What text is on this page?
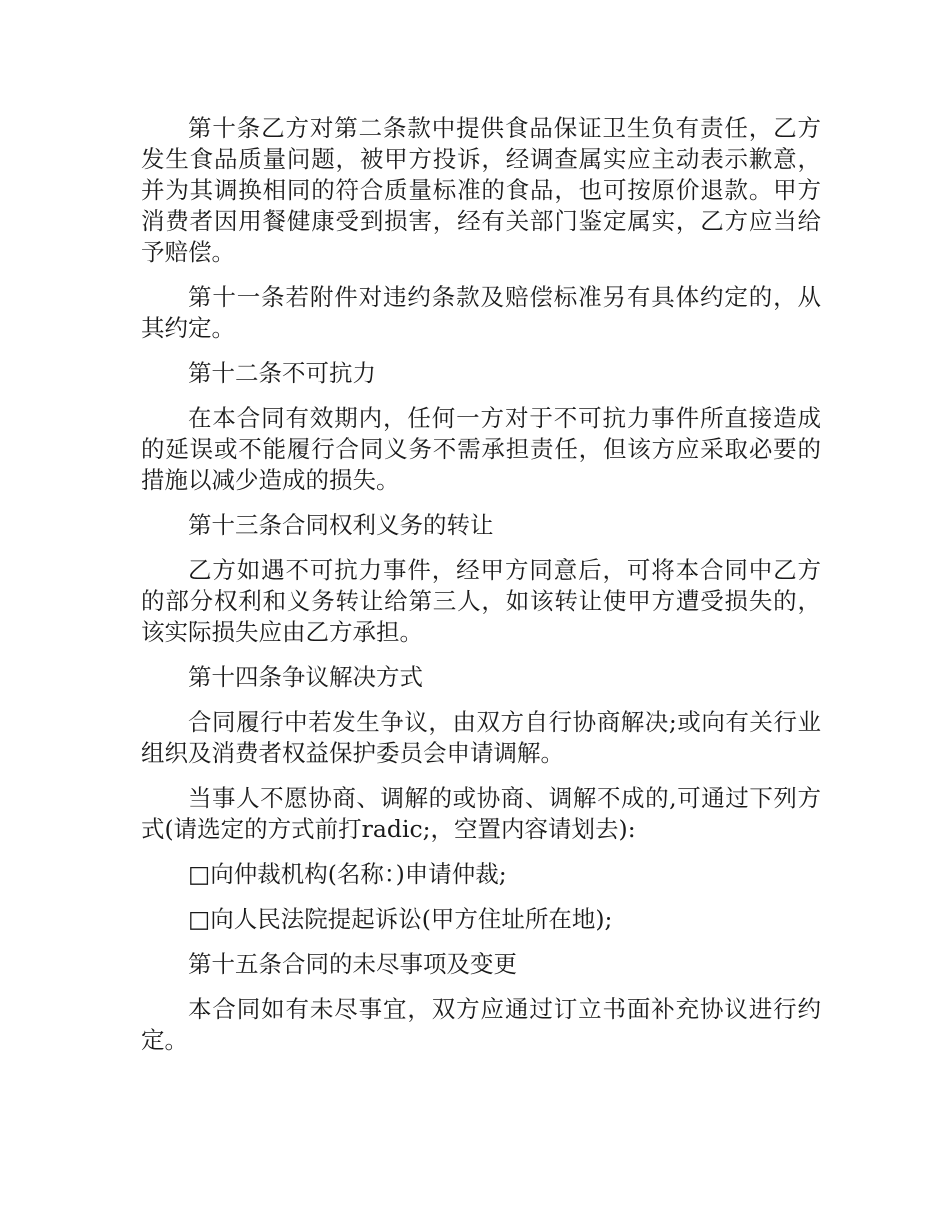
第十条乙方对第二条款中提供食品保证卫生负有责任，乙方发生食品质量问题，被甲方投诉，经调查属实应主动表示歉意，并为其调换相同的符合质量标准的食品，也可按原价退款。甲方消费者因用餐健康受到损害，经有关部门鉴定属实，乙方应当给予赔偿。

第十一条若附件对违约条款及赔偿标准另有具体约定的，从其约定。

第十二条不可抗力

在本合同有效期内，任何一方对于不可抗力事件所直接造成的延误或不能履行合同义务不需承担责任，但该方应采取必要的措施以减少造成的损失。

第十三条合同权利义务的转让

乙方如遇不可抗力事件，经甲方同意后，可将本合同中乙方的部分权利和义务转让给第三人，如该转让使甲方遭受损失的，该实际损失应由乙方承担。

第十四条争议解决方式

合同履行中若发生争议，由双方自行协商解决;或向有关行业组织及消费者权益保护委员会申请调解。

当事人不愿协商、调解的或协商、调解不成的,可通过下列方式(请选定的方式前打radic;，空置内容请划去):

□向仲裁机构(名称：)申请仲裁;

□向人民法院提起诉讼(甲方住址所在地);

第十五条合同的未尽事项及变更

本合同如有未尽事宜，双方应通过订立书面补充协议进行约定。
